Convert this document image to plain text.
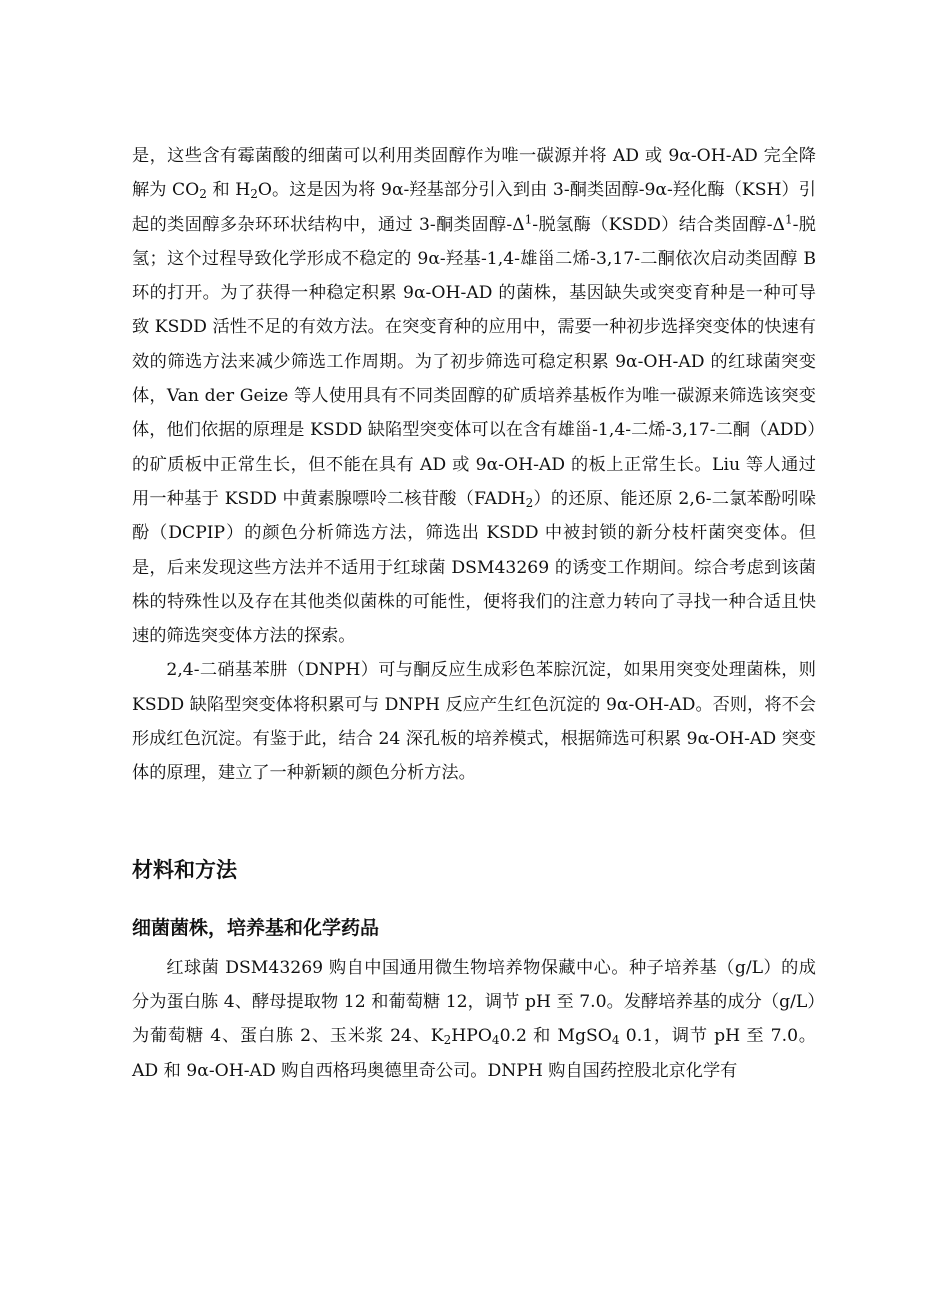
是，这些含有霉菌酸的细菌可以利用类固醇作为唯一碳源并将 AD 或 9α-OH-AD 完全降解为 $CO_2$ 和 $H_2O$。这是因为将 9α-羟基部分引入到由 3-酮类固醇-9α-羟化酶（KSH）引起的类固醇多杂环环状结构中，通过 3-酮类固醇$-\Delta^1-$脱氢酶（KSDD）结合类固醇$-\Delta^1-$脱氢；这个过程导致化学形成不稳定的 9α-羟基-1,4-雄甾二烯-3,17-二酮依次启动类固醇 B 环的打开。为了获得一种稳定积累 9α-OH-AD 的菌株，基因缺失或突变育种是一种可导致 KSDD 活性不足的有效方法。在突变育种的应用中，需要一种初步选择突变体的快速有效的筛选方法来减少筛选工作周期。为了初步筛选可稳定积累 9α-OH-AD 的红球菌突变体，Van der Geize 等人使用具有不同类固醇的矿质培养基板作为唯一碳源来筛选该突变体，他们依据的原理是 KSDD 缺陷型突变体可以在含有雄甾-1,4-二烯-3,17-二酮（ADD）的矿质板中正常生长，但不能在具有 AD 或 9α-OH-AD 的板上正常生长。Liu 等人通过用一种基于 KSDD 中黄素腺嘌呤二核苷酸$(FADH_2)$的还原、能还原 2,6-二氯苯酚吲哚酚（DCPIP）的颜色分析筛选方法，筛选出 KSDD 中被封锁的新分枝杆菌突变体。但是，后来发现这些方法并不适用于红球菌 DSM43269 的诱变工作期间。综合考虑到该菌株的特殊性以及存在其他类似菌株的可能性，便将我们的注意力转向了寻找一种合适且快速的筛选突变体方法的探索。

2,4-二硝基苯肼（DNPH）可与酮反应生成彩色苯腙沉淀，如果用突变处理菌株，则 KSDD 缺陷型突变体将积累可与 DNPH 反应产生红色沉淀的 9α-OH-AD。否则，将不会形成红色沉淀。有鉴于此，结合 24 深孔板的培养模式，根据筛选可积累 9α-OH-AD 突变体的原理，建立了一种新颖的颜色分析方法。

材料和方法
细菌菌株，培养基和化学药品

红球菌 DSM43269 购自中国通用微生物培养物保藏中心。种子培养基（g/L）的成分为蛋白胨 4、酵母提取物 12 和葡萄糖 12，调节 pH 至 7.0。发酵培养基的成分（g/L）为葡萄糖 4、蛋白胨 2、玉米浆 24、$K_2HPO_40.2$ 和 MgSO$_4$ 0.1，调节 pH 至 7.0。AD 和 9α-OH-AD 购自西格玛奥德里奇公司。DNPH 购自国药控股北京化学有
